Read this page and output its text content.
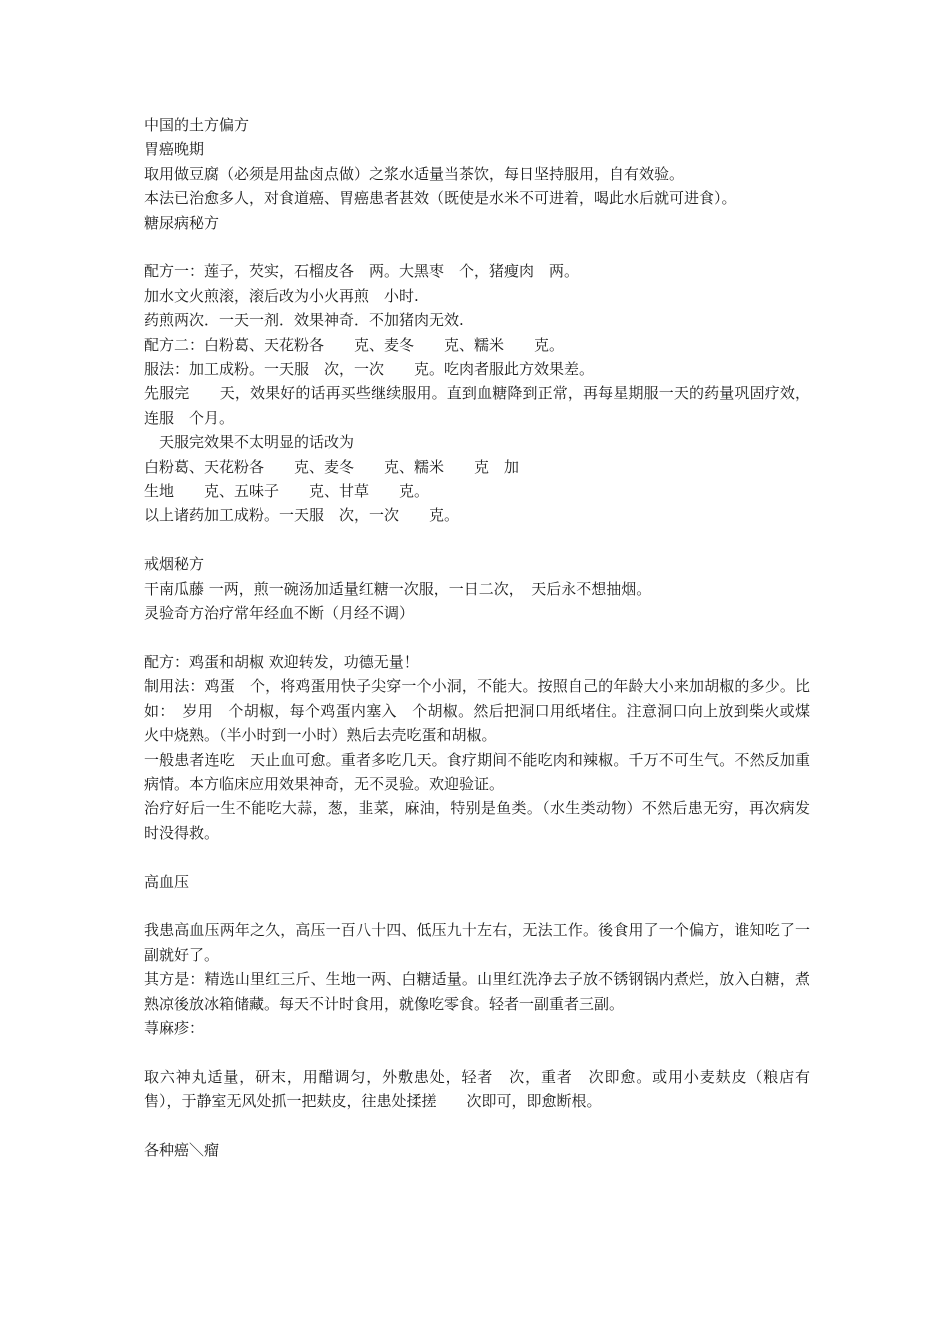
中国的土方偏方
胃癌晚期
取用做豆腐（必须是用盐卤点做）之浆水适量当茶饮，每日坚持服用，自有效验。
本法已治愈多人，对食道癌、胃癌患者甚效（既使是水米不可进着，喝此水后就可进食）。
糖尿病秘方
配方一：莲子，芡实，石榴皮各　两。大黑枣　个，猪瘦肉　两。
加水文火煎滚，滚后改为小火再煎　小时.
药煎两次．一天一剂．效果神奇．不加猪肉无效.
配方二：白粉葛、天花粉各　　克、麦冬　　克、糯米　　克。
服法：加工成粉。一天服　次，一次　　克。吃肉者服此方效果差。
先服完　　天，效果好的话再买些继续服用。直到血糖降到正常，再每星期服一天的药量巩固疗效，连服　个月。
　天服完效果不太明显的话改为
白粉葛、天花粉各　　克、麦冬　　克、糯米　　克　加
生地　　克、五味子　　克、甘草　　克。
以上诸药加工成粉。一天服　次，一次　　克。
戒烟秘方
干南瓜藤 一两，煎一碗汤加适量红糖一次服，一日二次，　天后永不想抽烟。
灵验奇方治疗常年经血不断（月经不调）
配方：鸡蛋和胡椒 欢迎转发，功德无量！
制用法：鸡蛋　个，将鸡蛋用快子尖穿一个小洞，不能大。按照自己的年龄大小来加胡椒的多少。比如：　岁用　个胡椒，每个鸡蛋内塞入　个胡椒。然后把洞口用纸堵住。注意洞口向上放到柴火或煤火中烧熟。（半小时到一小时）熟后去壳吃蛋和胡椒。
一般患者连吃　天止血可愈。重者多吃几天。食疗期间不能吃肉和辣椒。千万不可生气。不然反加重病情。本方临床应用效果神奇，无不灵验。欢迎验证。
治疗好后一生不能吃大蒜，葱，韭菜，麻油，特别是鱼类。（水生类动物）不然后患无穷，再次病发时没得救。
高血压
我患高血压两年之久，高压一百八十四、低压九十左右，无法工作。後食用了一个偏方，谁知吃了一副就好了。
其方是：精选山里红三斤、生地一两、白糖适量。山里红洗净去子放不锈钢锅内煮烂，放入白糖，煮熟凉後放冰箱储藏。每天不计时食用，就像吃零食。轻者一副重者三副。
荨麻疹：
取六神丸适量，研末，用醋调匀，外敷患处，轻者　次，重者　次即愈。或用小麦麸皮（粮店有售），于静室无风处抓一把麸皮，往患处揉搓　　次即可，即愈断根。
各种癌＼瘤
